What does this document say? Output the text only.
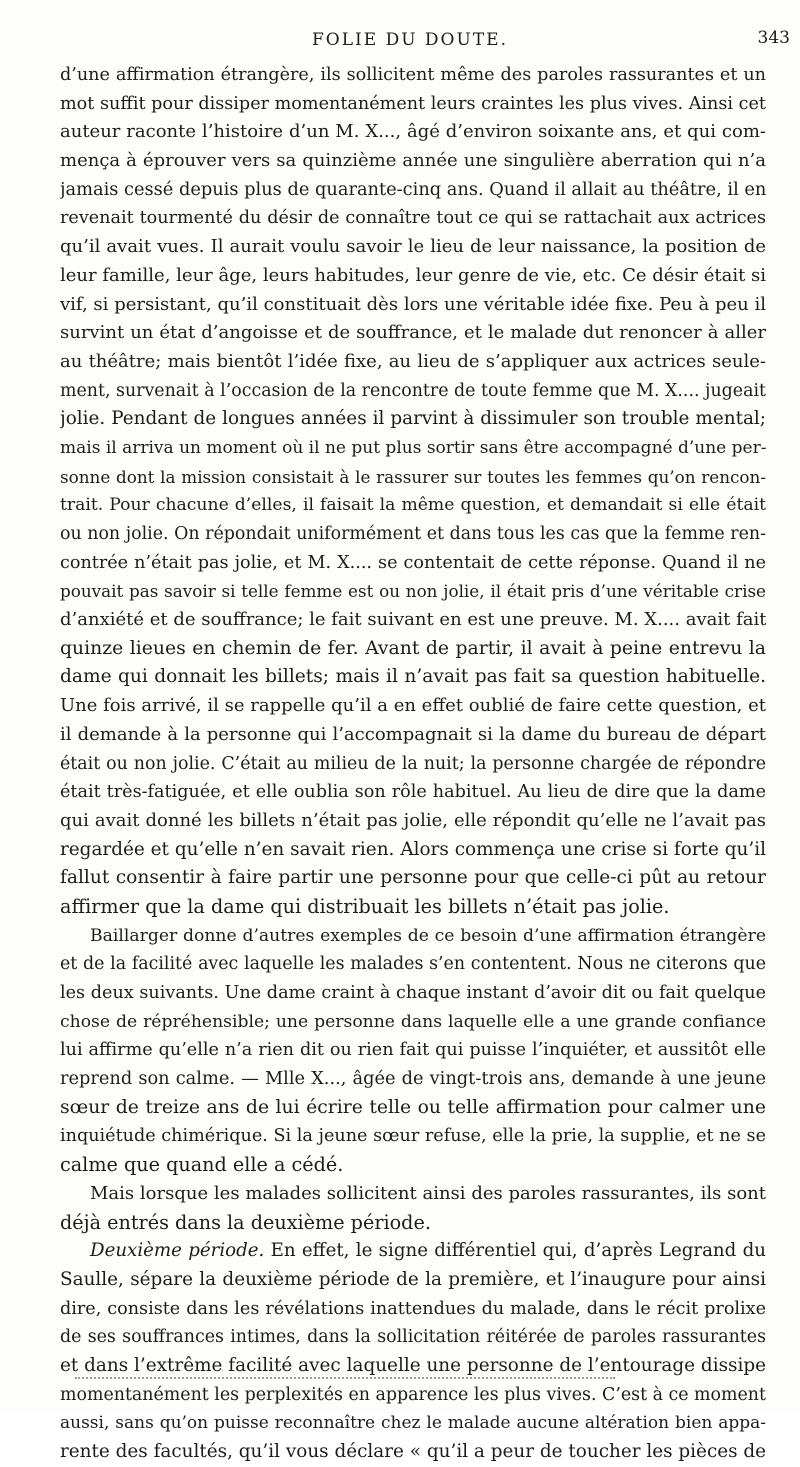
FOLIE DU DOUTE.	343
d’une affirmation étrangère, ils sollicitent même des paroles rassurantes et un
mot suffit pour dissiper momentanément leurs craintes les plus vives. Ainsi cet
auteur raconte l’histoire d’un M. X..., âgé d’environ soixante ans, et qui com-
mença à éprouver vers sa quinzième année une singulière aberration qui n’a
jamais cessé depuis plus de quarante-cinq ans. Quand il allait au théâtre, il en
revenait tourmenté du désir de connaître tout ce qui se rattachait aux actrices
qu’il avait vues. Il aurait voulu savoir le lieu de leur naissance, la position de
leur famille, leur âge, leurs habitudes, leur genre de vie, etc. Ce désir était si
vif, si persistant, qu’il constituait dès lors une véritable idée fixe. Peu à peu il
survint un état d’angoisse et de souffrance, et le malade dut renoncer à aller
au théâtre; mais bientôt l’idée fixe, au lieu de s’appliquer aux actrices seule-
ment, survenait à l’occasion de la rencontre de toute femme que M. X.... jugeait
jolie. Pendant de longues années il parvint à dissimuler son trouble mental;
mais il arriva un moment où il ne put plus sortir sans être accompagné d’une per-
sonne dont la mission consistait à le rassurer sur toutes les femmes qu’on rencon-
trait. Pour chacune d’elles, il faisait la même question, et demandait si elle était
ou non jolie. On répondait uniformément et dans tous les cas que la femme ren-
contrée n’était pas jolie, et M. X.... se contentait de cette réponse. Quand il ne
pouvait pas savoir si telle femme est ou non jolie, il était pris d’une véritable crise
d’anxiété et de souffrance; le fait suivant en est une preuve. M. X.... avait fait
quinze lieues en chemin de fer. Avant de partir, il avait à peine entrevu la
dame qui donnait les billets; mais il n’avait pas fait sa question habituelle.
Une fois arrivé, il se rappelle qu’il a en effet oublié de faire cette question, et
il demande à la personne qui l’accompagnait si la dame du bureau de départ
était ou non jolie. C’était au milieu de la nuit; la personne chargée de répondre
était très-fatiguée, et elle oublia son rôle habituel. Au lieu de dire que la dame
qui avait donné les billets n’était pas jolie, elle répondit qu’elle ne l’avait pas
regardée et qu’elle n’en savait rien. Alors commença une crise si forte qu’il
fallut consentir à faire partir une personne pour que celle-ci pût au retour
affirmer que la dame qui distribuait les billets n’était pas jolie.
Baillarger donne d’autres exemples de ce besoin d’une affirmation étrangère
et de la facilité avec laquelle les malades s’en contentent. Nous ne citerons que
les deux suivants. Une dame craint à chaque instant d’avoir dit ou fait quelque
chose de répréhensible; une personne dans laquelle elle a une grande confiance
lui affirme qu’elle n’a rien dit ou rien fait qui puisse l’inquiéter, et aussitôt elle
reprend son calme. — Mlle X..., âgée de vingt-trois ans, demande à une jeune
sœur de treize ans de lui écrire telle ou telle affirmation pour calmer une
inquiétude chimérique. Si la jeune sœur refuse, elle la prie, la supplie, et ne se
calme que quand elle a cédé.
Mais lorsque les malades sollicitent ainsi des paroles rassurantes, ils sont
déjà entrés dans la deuxième période.
Deuxième période. En effet, le signe différentiel qui, d’après Legrand du
Saulle, sépare la deuxième période de la première, et l’inaugure pour ainsi
dire, consiste dans les révélations inattendues du malade, dans le récit prolixe
de ses souffrances intimes, dans la sollicitation réitérée de paroles rassurantes
et dans l’extrême facilité avec laquelle une personne de l’entourage dissipe
momentanément les perplexités en apparence les plus vives. C’est à ce moment
aussi, sans qu’on puisse reconnaître chez le malade aucune altération bien appa-
rente des facultés, qu’il vous déclare « qu’il a peur de toucher les pièces de
